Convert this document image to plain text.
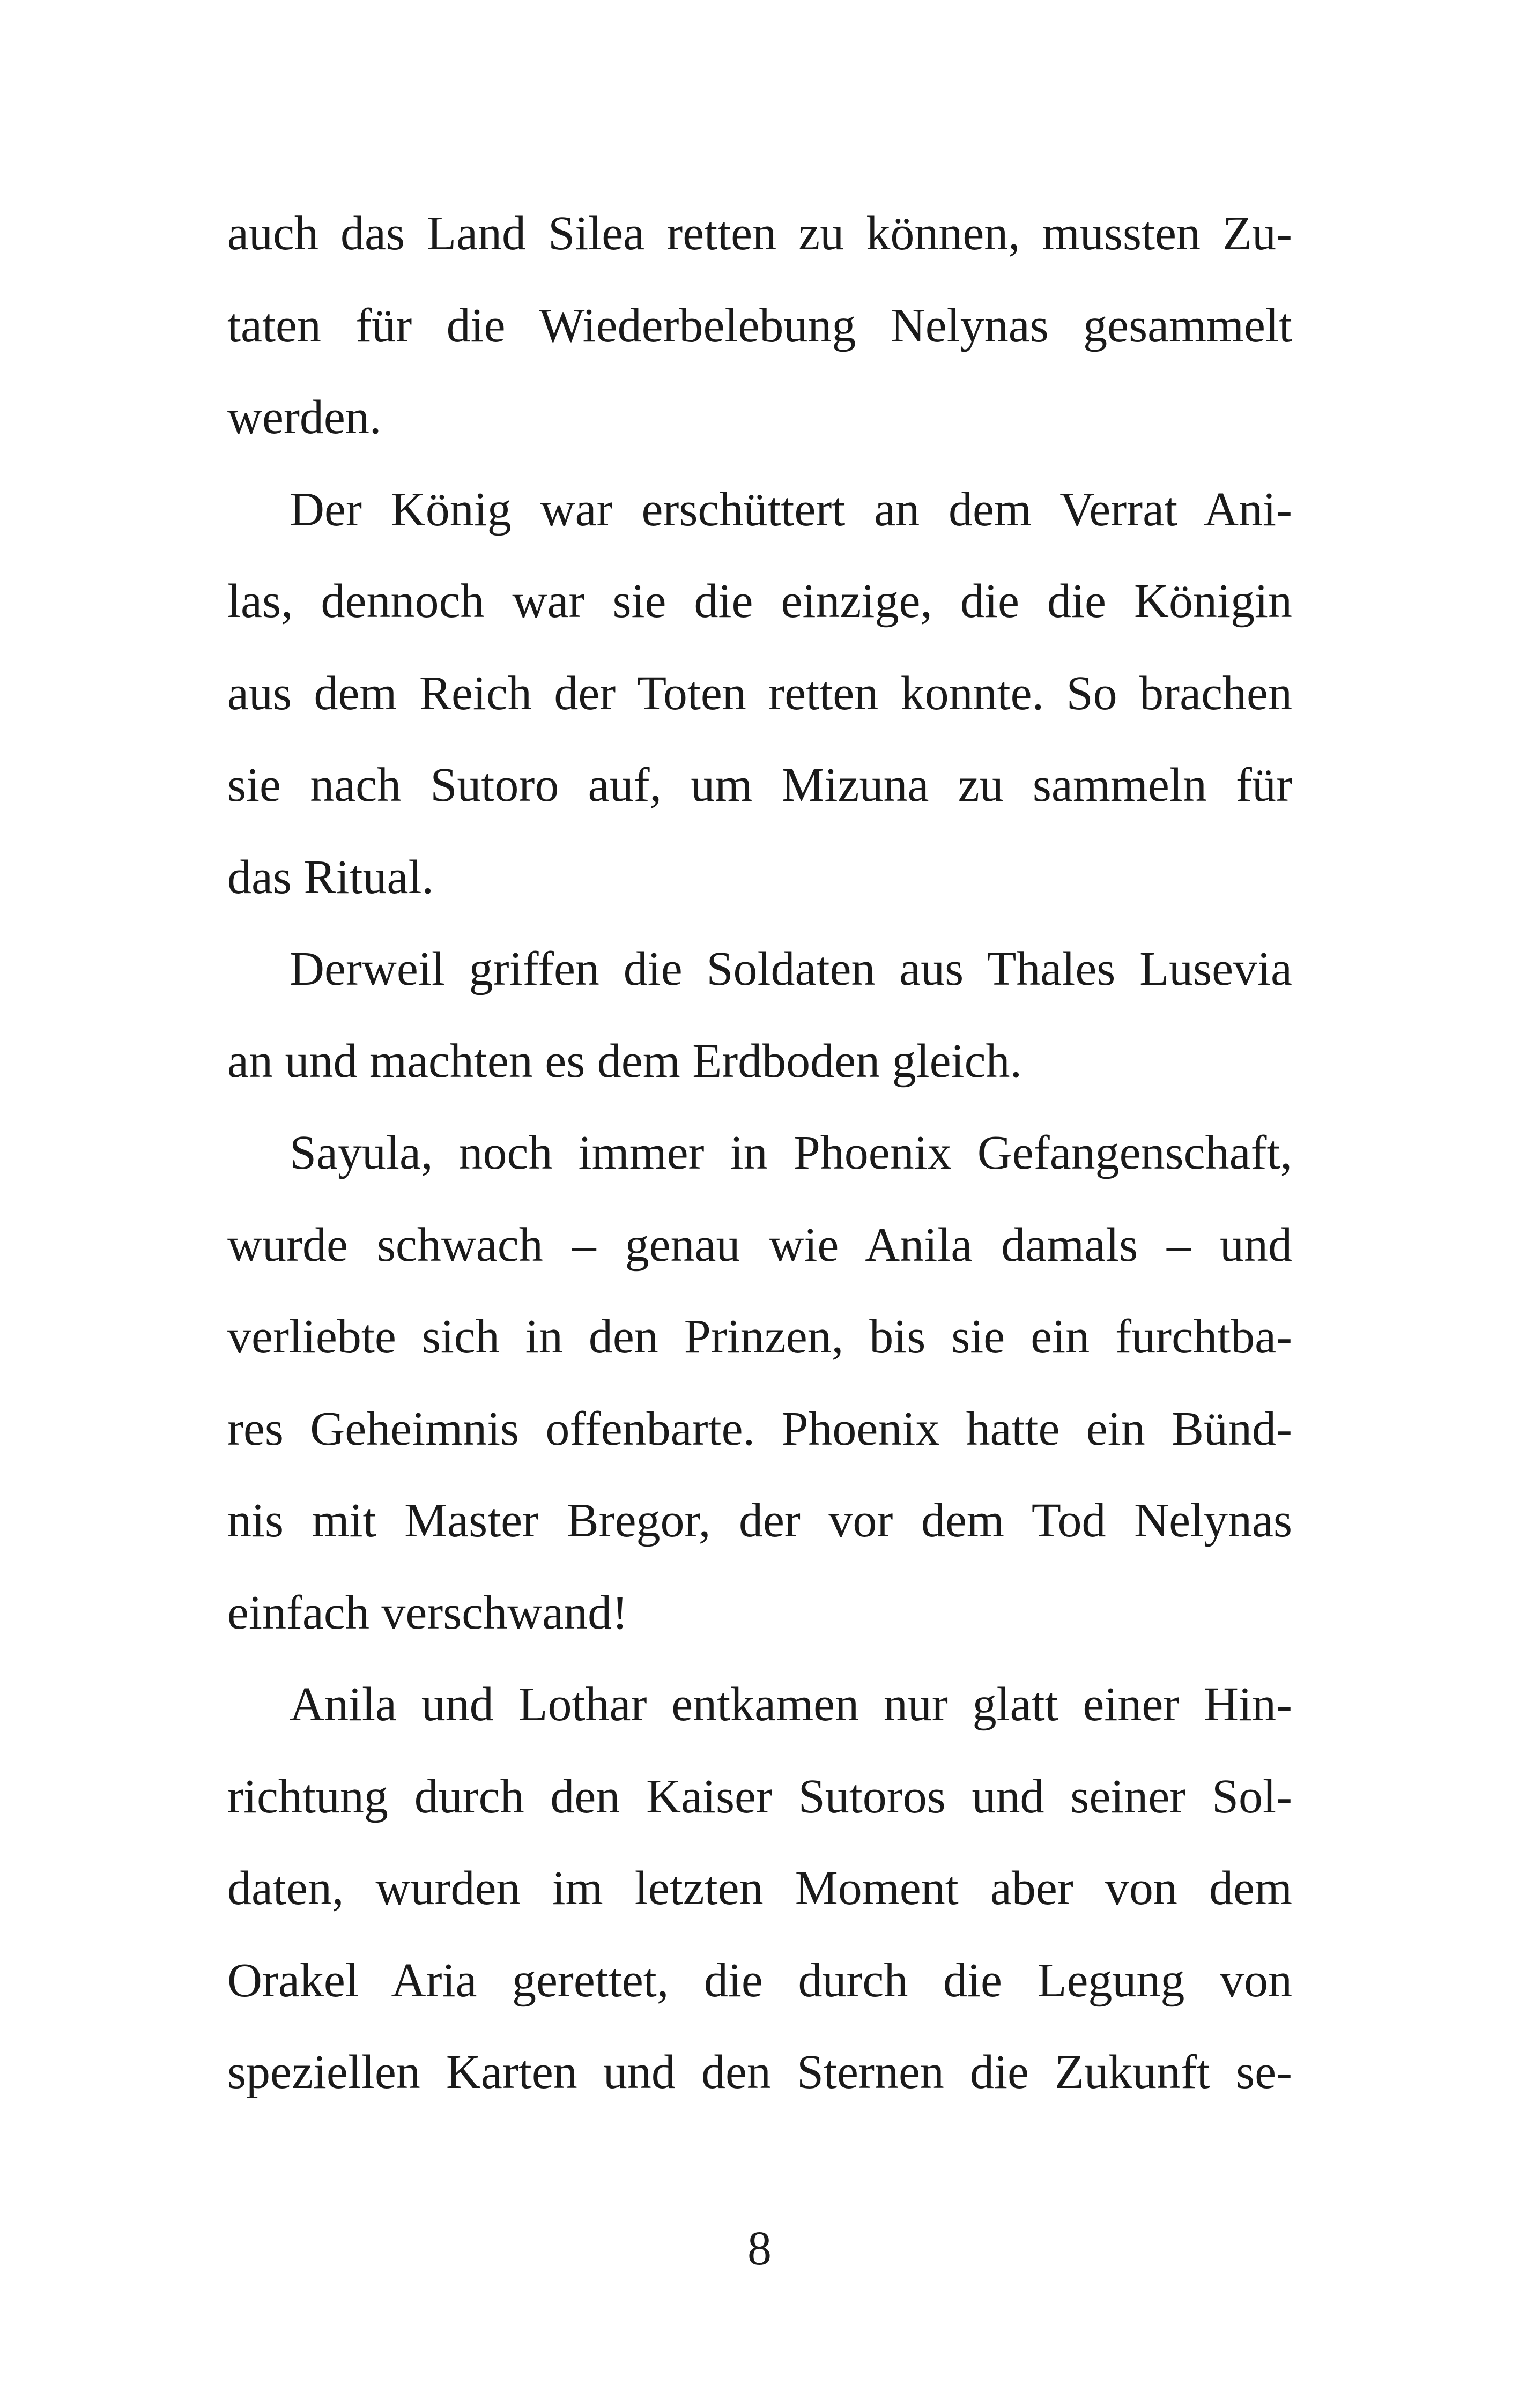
auch das Land Silea retten zu können, mussten Zu-
taten für die Wiederbelebung Nelynas gesammelt
werden.
Der König war erschüttert an dem Verrat Ani-
las, dennoch war sie die einzige, die die Königin
aus dem Reich der Toten retten konnte. So brachen
sie nach Sutoro auf, um Mizuna zu sammeln für
das Ritual.
Derweil griffen die Soldaten aus Thales Lusevia
an und machten es dem Erdboden gleich.
Sayula, noch immer in Phoenix Gefangenschaft,
wurde schwach – genau wie Anila damals – und
verliebte sich in den Prinzen, bis sie ein furchtba-
res Geheimnis offenbarte. Phoenix hatte ein Bünd-
nis mit Master Bregor, der vor dem Tod Nelynas
einfach verschwand!
Anila und Lothar entkamen nur glatt einer Hin-
richtung durch den Kaiser Sutoros und seiner Sol-
daten, wurden im letzten Moment aber von dem
Orakel Aria gerettet, die durch die Legung von
speziellen Karten und den Sternen die Zukunft se-
8
